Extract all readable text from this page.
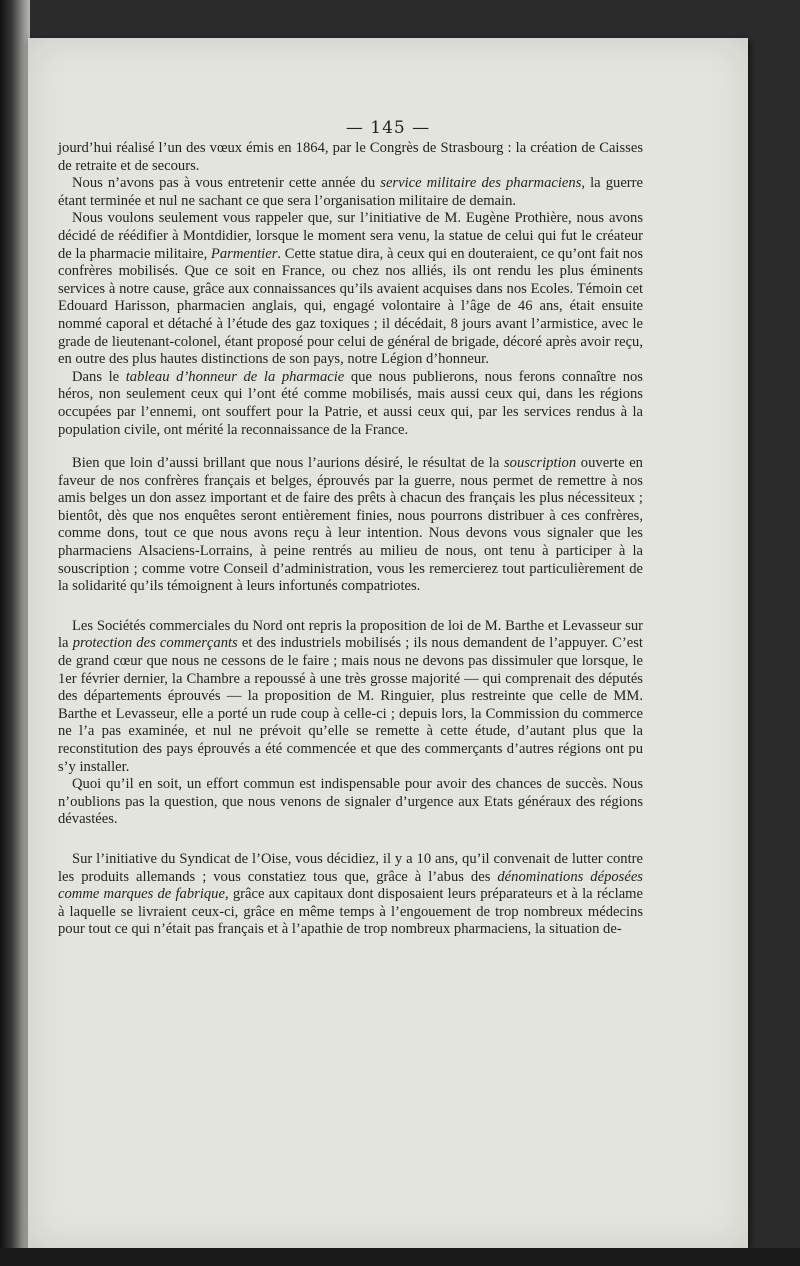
— 145 —

jourd’hui réalisé l’un des vœux émis en 1864, par le Congrès de Strasbourg : la création de Caisses de retraite et de secours.

Nous n’avons pas à vous entretenir cette année du service militaire des pharmaciens, la guerre étant terminée et nul ne sachant ce que sera l’organisation militaire de demain.

Nous voulons seulement vous rappeler que, sur l’initiative de M. Eugène Prothière, nous avons décidé de réédifier à Montdidier, lorsque le moment sera venu, la statue de celui qui fut le créateur de la pharmacie militaire, Parmentier. Cette statue dira, à ceux qui en douteraient, ce qu’ont fait nos confrères mobilisés. Que ce soit en France, ou chez nos alliés, ils ont rendu les plus éminents services à notre cause, grâce aux connaissances qu’ils avaient acquises dans nos Ecoles. Témoin cet Edouard Harisson, pharmacien anglais, qui, engagé volontaire à l’âge de 46 ans, était ensuite nommé caporal et détaché à l’étude des gaz toxiques ; il décédait, 8 jours avant l’armistice, avec le grade de lieutenant-colonel, étant proposé pour celui de général de brigade, décoré après avoir reçu, en outre des plus hautes distinctions de son pays, notre Légion d’honneur.

Dans le tableau d’honneur de la pharmacie que nous publierons, nous ferons connaître nos héros, non seulement ceux qui l’ont été comme mobilisés, mais aussi ceux qui, dans les régions occupées par l’ennemi, ont souffert pour la Patrie, et aussi ceux qui, par les services rendus à la population civile, ont mérité la reconnaissance de la France.

Bien que loin d’aussi brillant que nous l’aurions désiré, le résultat de la souscription ouverte en faveur de nos confrères français et belges, éprouvés par la guerre, nous permet de remettre à nos amis belges un don assez important et de faire des prêts à chacun des français les plus nécessiteux ; bientôt, dès que nos enquêtes seront entièrement finies, nous pourrons distribuer à ces confrères, comme dons, tout ce que nous avons reçu à leur intention. Nous devons vous signaler que les pharmaciens Alsaciens-Lorrains, à peine rentrés au milieu de nous, ont tenu à participer à la souscription ; comme votre Conseil d’administration, vous les remercierez tout particulièrement de la solidarité qu’ils témoignent à leurs infortunés compatriotes.

Les Sociétés commerciales du Nord ont repris la proposition de loi de M. Barthe et Levasseur sur la protection des commerçants et des industriels mobilisés ; ils nous demandent de l’appuyer. C’est de grand cœur que nous ne cessons de le faire ; mais nous ne devons pas dissimuler que lorsque, le 1er février dernier, la Chambre a repoussé à une très grosse majorité — qui comprenait des députés des départements éprouvés — la proposition de M. Ringuier, plus restreinte que celle de MM. Barthe et Levasseur, elle a porté un rude coup à celle-ci ; depuis lors, la Commission du commerce ne l’a pas examinée, et nul ne prévoit qu’elle se remette à cette étude, d’autant plus que la reconstitution des pays éprouvés a été commencée et que des commerçants d’autres régions ont pu s’y installer.

Quoi qu’il en soit, un effort commun est indispensable pour avoir des chances de succès. Nous n’oublions pas la question, que nous venons de signaler d’urgence aux Etats généraux des régions dévastées.

Sur l’initiative du Syndicat de l’Oise, vous décidiez, il y a 10 ans, qu’il convenait de lutter contre les produits allemands ; vous constatiez tous que, grâce à l’abus des dénominations déposées comme marques de fabrique, grâce aux capitaux dont disposaient leurs préparateurs et à la réclame à laquelle se livraient ceux-ci, grâce en même temps à l’engouement de trop nombreux médecins pour tout ce qui n’était pas français et à l’apathie de trop nombreux pharmaciens, la situation de-
